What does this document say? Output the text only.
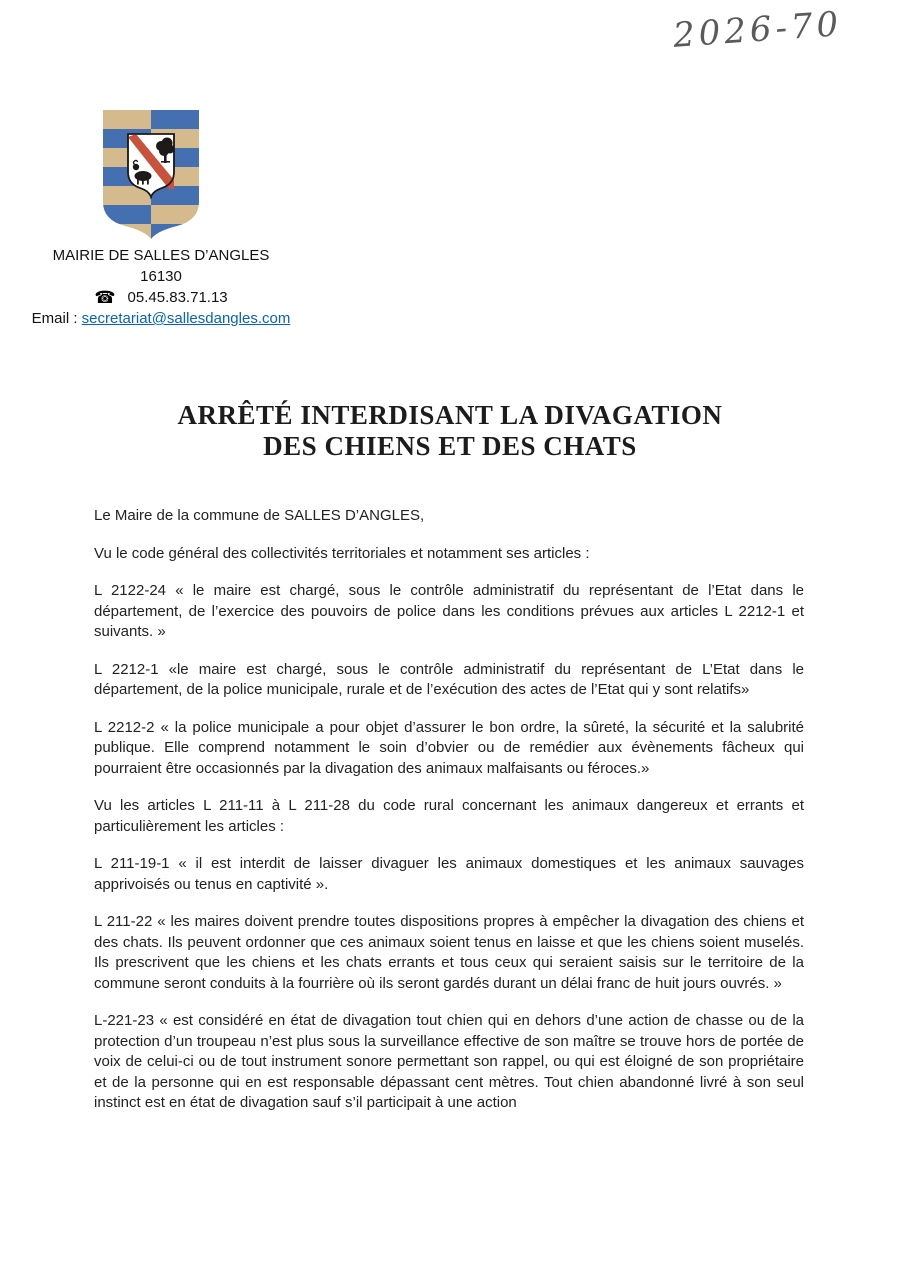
2026-70
MAIRIE DE SALLES D’ANGLES
16130
☎ 05.45.83.71.13
Email : secretariat@sallesdangles.com
ARRÊTÉ INTERDISANT LA DIVAGATION
DES CHIENS ET DES CHATS

Le Maire de la commune de SALLES D’ANGLES,

Vu le code général des collectivités territoriales et notamment ses articles :

L 2122-24 « le maire est chargé, sous le contrôle administratif du représentant de l’Etat dans le département, de l’exercice des pouvoirs de police dans les conditions prévues aux articles L 2212-1 et suivants. »

L 2212-1 «le maire est chargé, sous le contrôle administratif du représentant de L’Etat dans le département, de la police municipale, rurale et de l’exécution des actes de l’Etat qui y sont relatifs»

L 2212-2 « la police municipale a pour objet d’assurer le bon ordre, la sûreté, la sécurité et la salubrité publique. Elle comprend notamment le soin d’obvier ou de remédier aux évènements fâcheux qui pourraient être occasionnés par la divagation des animaux malfaisants ou féroces.»

Vu les articles L 211-11 à L 211-28 du code rural concernant les animaux dangereux et errants et particulièrement les articles :

L 211-19-1 « il est interdit de laisser divaguer les animaux domestiques et les animaux sauvages apprivoisés ou tenus en captivité ».

L 211-22 « les maires doivent prendre toutes dispositions propres à empêcher la divagation des chiens et des chats. Ils peuvent ordonner que ces animaux soient tenus en laisse et que les chiens soient muselés. Ils prescrivent que les chiens et les chats errants et tous ceux qui seraient saisis sur le territoire de la commune seront conduits à la fourrière où ils seront gardés durant un délai franc de huit jours ouvrés. »

L-221-23 « est considéré en état de divagation tout chien qui en dehors d’une action de chasse ou de la protection d’un troupeau n’est plus sous la surveillance effective de son maître se trouve hors de portée de voix de celui-ci ou de tout instrument sonore permettant son rappel, ou qui est éloigné de son propriétaire et de la personne qui en est responsable dépassant cent mètres. Tout chien abandonné livré à son seul instinct est en état de divagation sauf s’il participait à une action
